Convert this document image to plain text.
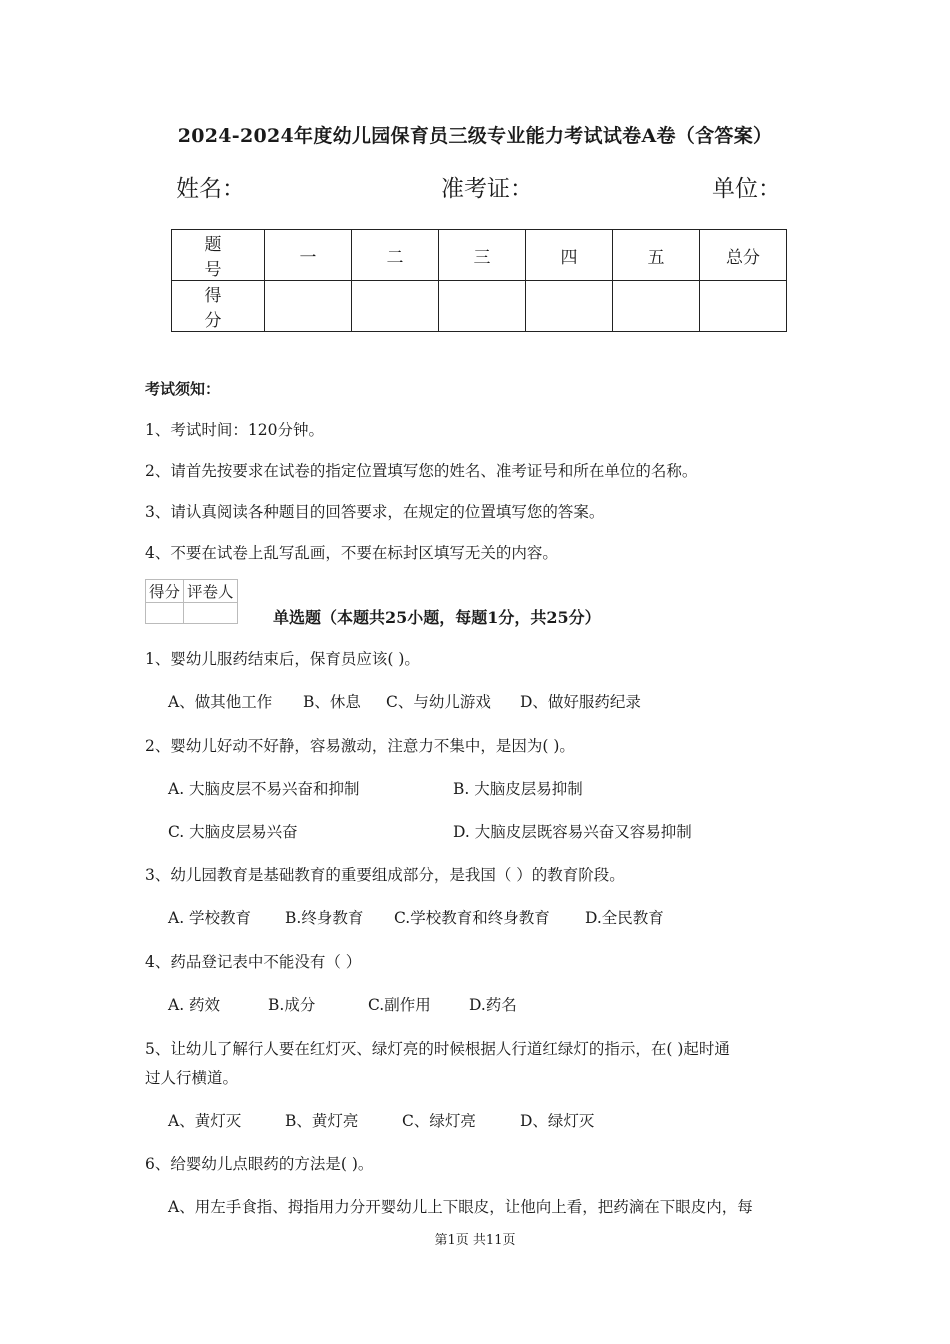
2024-2024年度幼儿园保育员三级专业能力考试试卷A卷（含答案）
姓名：	准考证：	单位：
题 号	一	二	三	四	五	总分
得 分						
考试须知：
1、考试时间：120分钟。
2、请首先按要求在试卷的指定位置填写您的姓名、准考证号和所在单位的名称。
3、请认真阅读各种题目的回答要求，在规定的位置填写您的答案。
4、不要在试卷上乱写乱画，不要在标封区填写无关的内容。
得分	评卷人

单选题（本题共25小题，每题1分，共25分）
1、婴幼儿服药结束后，保育员应该( )。
A、做其他工作 B、休息 C、与幼儿游戏 D、做好服药纪录
2、婴幼儿好动不好静，容易激动，注意力不集中，是因为( )。
A. 大脑皮层不易兴奋和抑制	B. 大脑皮层易抑制
C. 大脑皮层易兴奋	D. 大脑皮层既容易兴奋又容易抑制
3、幼儿园教育是基础教育的重要组成部分，是我国（ ）的教育阶段。
A. 学校教育 B.终身教育 C.学校教育和终身教育 D.全民教育
4、药品登记表中不能没有（ ）
A. 药效	B.成分	C.副作用 D.药名
5、让幼儿了解行人要在红灯灭、绿灯亮的时候根据人行道红绿灯的指示，在( )起时通
过人行横道。
A、黄灯灭	B、黄灯亮	C、绿灯亮	D、绿灯灭
6、给婴幼儿点眼药的方法是( )。
A、用左手食指、拇指用力分开婴幼儿上下眼皮，让他向上看，把药滴在下眼皮内，每
第1页 共11页
